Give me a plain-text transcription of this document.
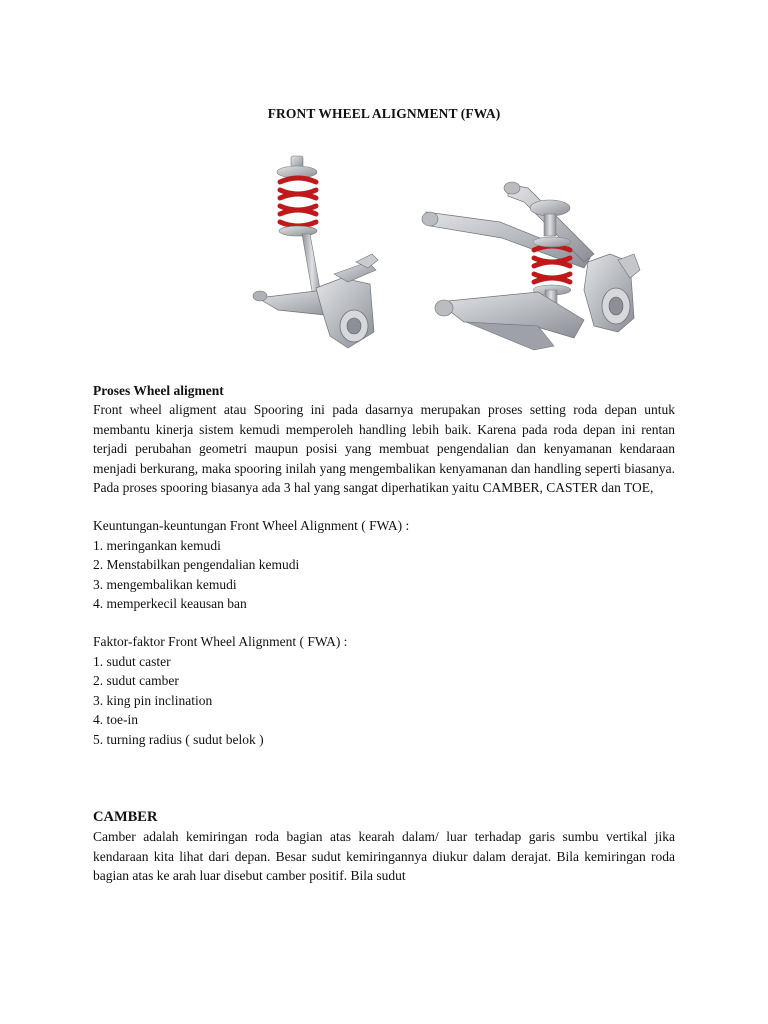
FRONT WHEEL ALIGNMENT (FWA)
Proses Wheel aligment
Front wheel aligment atau Spooring ini pada dasarnya merupakan proses setting roda depan untuk membantu kinerja sistem kemudi memperoleh handling lebih baik. Karena pada roda depan ini rentan terjadi perubahan geometri maupun posisi yang membuat pengendalian dan kenyamanan kendaraan menjadi berkurang, maka spooring inilah yang mengembalikan kenyamanan dan handling seperti biasanya. Pada proses spooring biasanya ada 3 hal yang sangat diperhatikan yaitu CAMBER, CASTER dan TOE,
Keuntungan-keuntungan Front Wheel Alignment ( FWA) :
1. meringankan kemudi
2. Menstabilkan pengendalian kemudi
3. mengembalikan kemudi
4. memperkecil keausan ban
Faktor-faktor Front Wheel Alignment ( FWA) :
1. sudut caster
2. sudut camber
3. king pin inclination
4. toe-in
5. turning radius ( sudut belok )
CAMBER
Camber adalah kemiringan roda bagian atas kearah dalam/ luar terhadap garis sumbu vertikal jika kendaraan kita lihat dari depan. Besar sudut kemiringannya diukur dalam derajat. Bila kemiringan roda bagian atas ke arah luar disebut camber positif. Bila sudut
